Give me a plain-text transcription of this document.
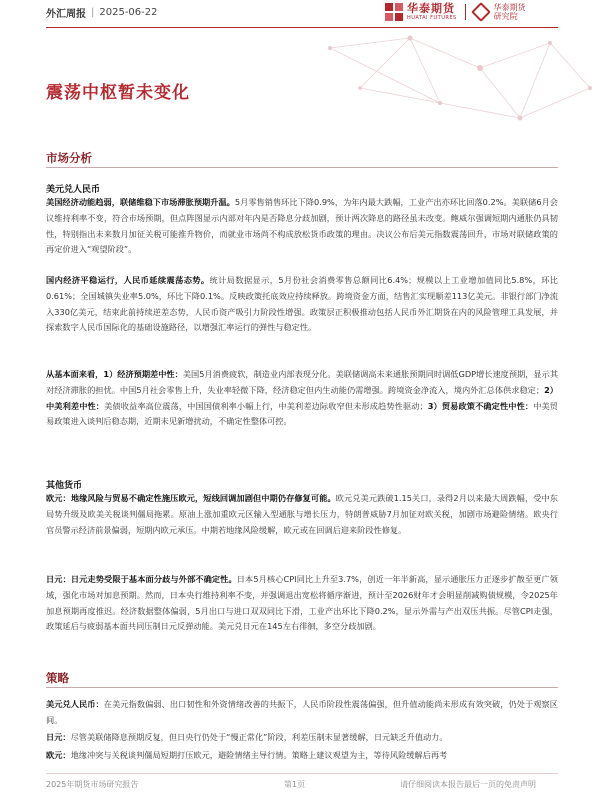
外汇周报 | 2025-06-22	华泰期货
HUATAI FUTURES
华泰期货
研究院
震荡中枢暂未变化
市场分析
美元兑人民币
美国经济动能趋弱，联储维稳下市场滞胀预期升温。5月零售销售环比下降0.9%，为年内最大跌幅，工业产出亦环比回落0.2%。美联储6月会议维持利率不变，符合市场预期，但点阵图显示内部对年内是否降息分歧加剧，预计两次降息的路径虽未改变。鲍威尔强调短期内通胀仍具韧性，特别指出未来数月加征关税可能推升物价，而就业市场尚不构成放松货币政策的理由。决议公布后美元指数震荡回升，市场对联储政策的再定价进入“观望阶段”。
国内经济平稳运行，人民币延续震荡态势。统计局数据显示，5月份社会消费零售总额同比6.4%；规模以上工业增加值同比5.8%，环比0.61%；全国城镇失业率5.0%，环比下降0.1%。反映政策托底效应持续释放。跨境资金方面，结售汇实现顺差113亿美元。非银行部门净流入330亿美元，结束此前持续逆差态势，人民币资产吸引力阶段性增强。政策层正积极推动包括人民币外汇期货在内的风险管理工具发展，并探索数字人民币国际化的基础设施路径，以增强汇率运行的弹性与稳定性。
从基本面来看，1）经济预期差中性：美国5月消费疲软，制造业内部表现分化。美联储调高未来通胀预期同时调低GDP增长速度预期，显示其对经济滞胀的担忧。中国5月社会零售上升，失业率轻微下降，经济稳定但内生动能仍需增强。跨境资金净流入，境内外汇总体供求稳定；2）中美利差中性：美债收益率高位震荡，中国国债利率小幅上行，中美利差边际收窄但未形成趋势性驱动；3）贸易政策不确定性中性：中美贸易政策进入谈判后稳态期，近期未见新增扰动，不确定性整体可控。
其他货币
欧元：地缘风险与贸易不确定性施压欧元，短线回调加剧但中期仍存修复可能。欧元兑美元跌破1.15关口，录得2月以来最大周跌幅，受中东局势升级及欧美关税谈判僵局拖累。原油上涨加重欧元区输入型通胀与增长压力，特朗普威胁7月加征对欧关税，加剧市场避险情绪。欧央行官员警示经济前景偏弱，短期内欧元承压。中期若地缘风险缓解，欧元或在回调后迎来阶段性修复。
日元：日元走势受限于基本面分歧与外部不确定性。日本5月核心CPI同比上升至3.7%，创近一年半新高，显示通胀压力正逐步扩散至更广领域，强化市场对加息预期。然而，日本央行维持利率不变，并强调退出宽松将循序渐进，预计至2026财年才会明显削减购债规模，令2025年加息预期再度推迟。经济数据整体偏弱，5月出口与进口双双同比下滑，工业产出环比下降0.2%，显示外需与产出双压共振。尽管CPI走强，政策延后与疲弱基本面共同压制日元反弹动能。美元兑日元在145左右徘徊，多空分歧加剧。
策略
美元兑人民币：在美元指数偏弱、出口韧性和外资情绪改善的共振下，人民币阶段性震荡偏强，但升值动能尚未形成有效突破，仍处于观察区间。
日元：尽管美联储降息预期反复，但日央行仍处于“慢正常化”阶段，利差压制未显著缓解，日元缺乏升值动力。
欧元：地缘冲突与关税谈判僵局短期打压欧元，避险情绪主导行情。策略上建议观望为主，等待风险缓解后再考
2025年期货市场研究报告	第1页	请仔细阅读本报告最后一页的免责声明
